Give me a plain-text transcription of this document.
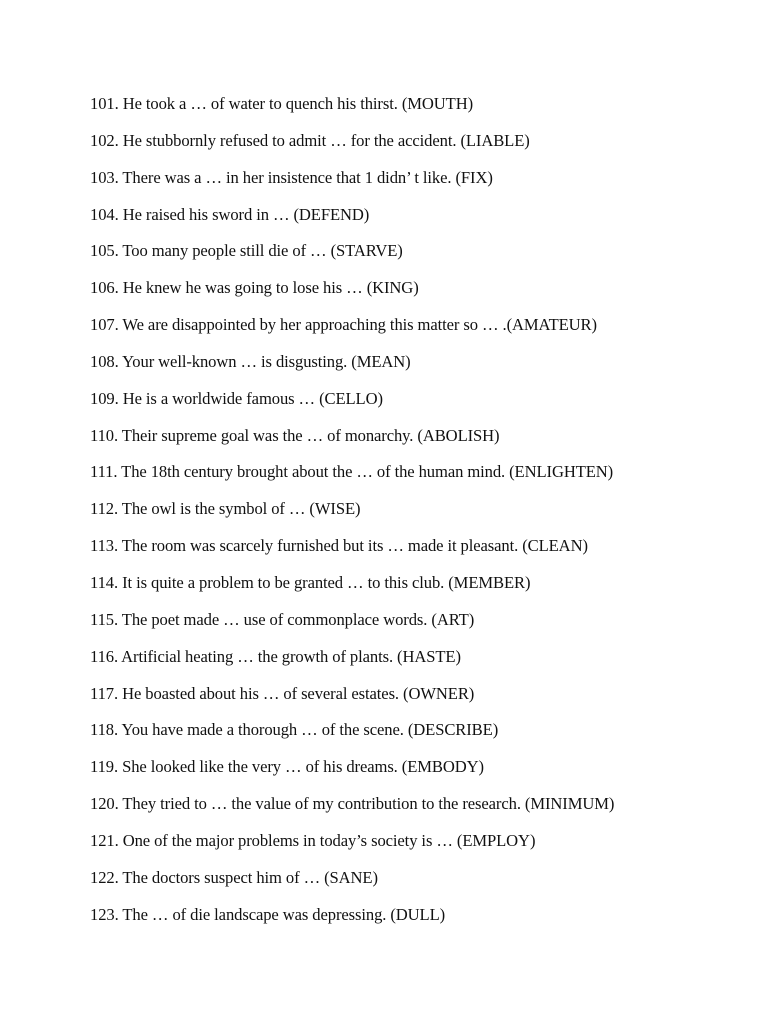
101. He took a … of water to quench his thirst. (MOUTH)
102. He stubbornly refused to admit … for the accident. (LIABLE)
103. There was a … in her insistence that 1 didn’ t like. (FIX)
104. He raised his sword in … (DEFEND)
105. Too many people still die of … (STARVE)
106. He knew he was going to lose his … (KING)
107. We are disappointed by her approaching this matter so … .(AMATEUR)
108. Your well-known … is disgusting. (MEAN)
109. He is a worldwide famous … (CELLO)
110. Their supreme goal was the … of monarchy. (ABOLISH)
111. The 18th century brought about the … of the human mind. (ENLIGHTEN)
112. The owl is the symbol of … (WISE)
113. The room was scarcely furnished but its … made it pleasant. (CLEAN)
114. It is quite a problem to be granted … to this club. (MEMBER)
115. The poet made … use of commonplace words. (ART)
116. Artificial heating … the growth of plants. (HASTE)
117. He boasted about his … of several estates. (OWNER)
118. You have made a thorough … of the scene. (DESCRIBE)
119. She looked like the very … of his dreams. (EMBODY)
120. They tried to … the value of my contribution to the research. (MINIMUM)
121. One of the major problems in today’s society is … (EMPLOY)
122. The doctors suspect him of … (SANE)
123. The … of die landscape was depressing. (DULL)
